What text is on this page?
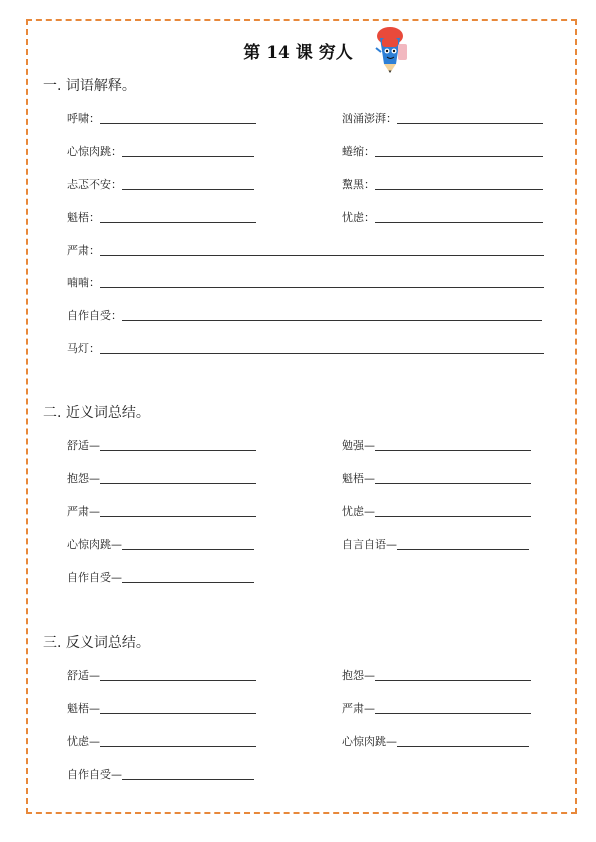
第 14 课 穷人
一. 词语解释。
呼啸：	汹涌澎湃：
心惊肉跳：	蜷缩：
忐忑不安：	黧黑：
魁梧：	忧虑：
严肃：
喃喃：
自作自受：
马灯：
二. 近义词总结。
舒适—	勉强—
抱怨—	魁梧—
严肃—	忧虑—
心惊肉跳—	自言自语—
自作自受—
三. 反义词总结。
舒适—	抱怨—
魁梧—	严肃—
忧虑—	心惊肉跳—
自作自受—
